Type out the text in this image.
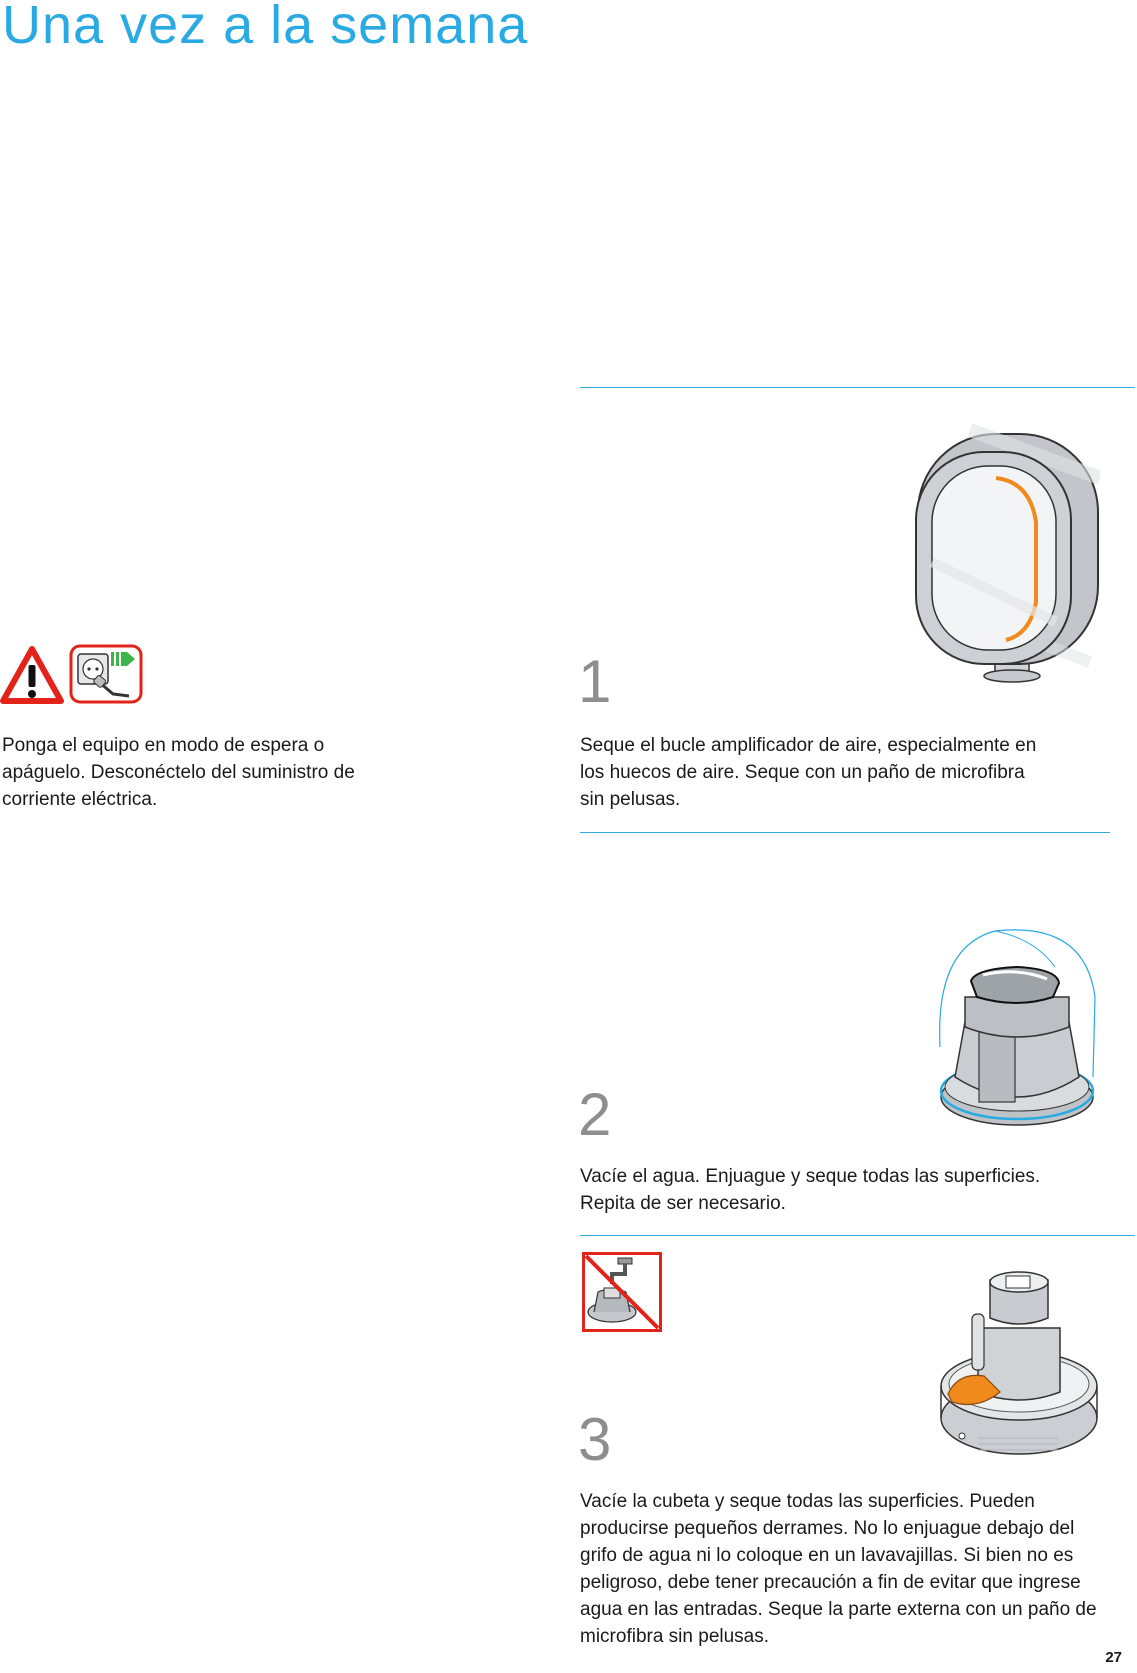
Una vez a la semana

Ponga el equipo en modo de espera o apáguelo. Desconéctelo del suministro de corriente eléctrica.

1

Seque el bucle amplificador de aire, especialmente en los huecos de aire. Seque con un paño de microfibra sin pelusas.

2

Vacíe el agua. Enjuague y seque todas las superficies. Repita de ser necesario.

3

Vacíe la cubeta y seque todas las superficies. Pueden producirse pequeños derrames. No lo enjuague debajo del grifo de agua ni lo coloque en un lavavajillas. Si bien no es peligroso, debe tener precaución a fin de evitar que ingrese agua en las entradas. Seque la parte externa con un paño de microfibra sin pelusas.

27
